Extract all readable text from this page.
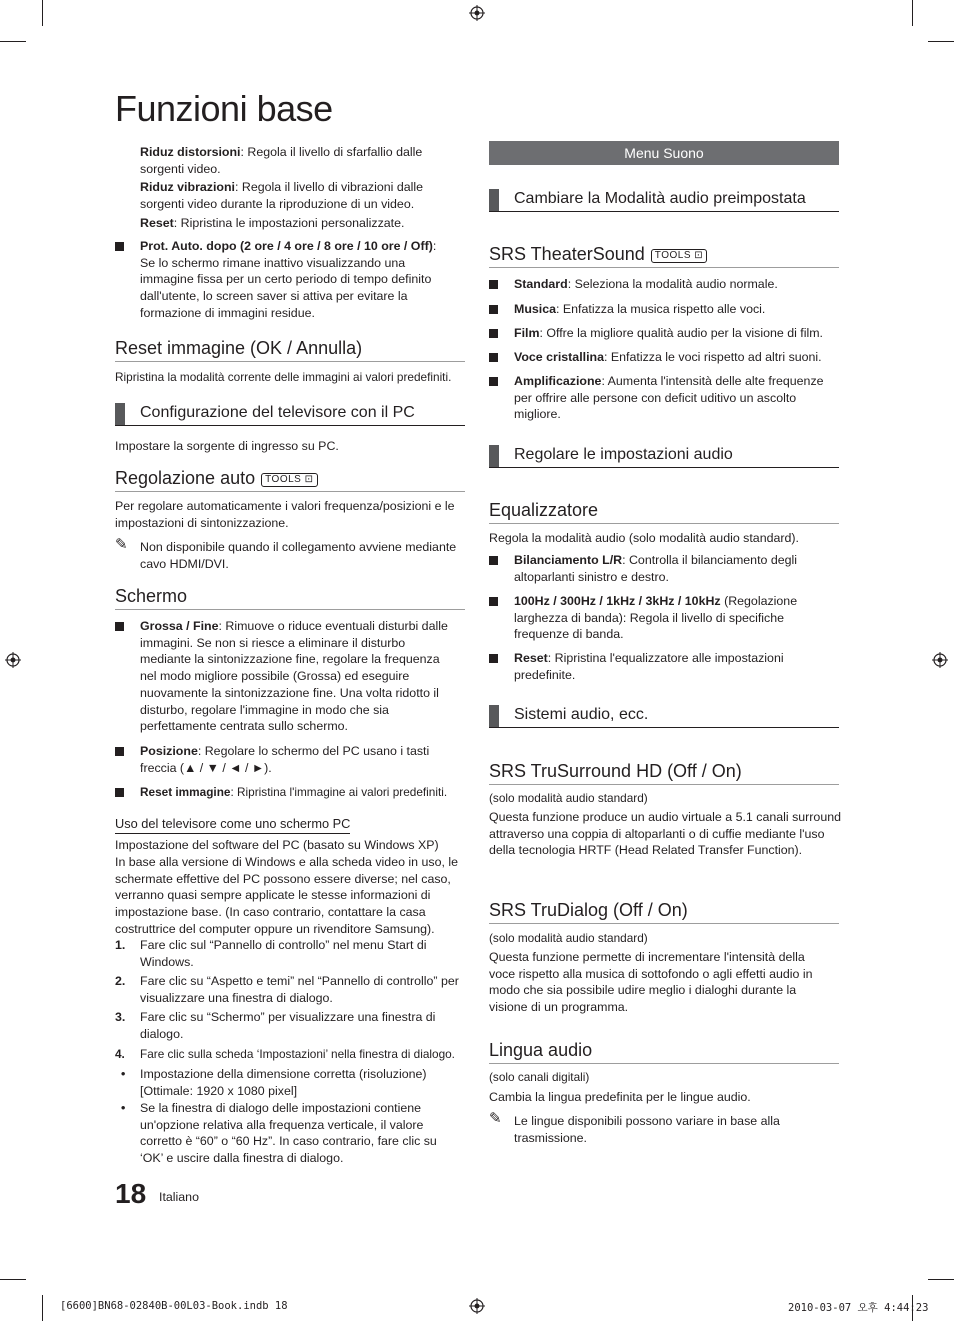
Funzioni base

Riduz distorsioni: Regola il livello di sfarfallio dalle sorgenti video.

Riduz vibrazioni: Regola il livello di vibrazioni dalle sorgenti video durante la riproduzione di un video.

Reset: Ripristina le impostazioni personalizzate.

Prot. Auto. dopo (2 ore / 4 ore / 8 ore / 10 ore / Off): Se lo schermo rimane inattivo visualizzando una immagine fissa per un certo periodo di tempo definito dall'utente, lo screen saver si attiva per evitare la formazione di immagini residue.
Reset immagine (OK / Annulla)
Ripristina la modalità corrente delle immagini ai valori predefiniti.
Configurazione del televisore con il PC
Impostare la sorgente di ingresso su PC.
Regolazione auto TOOLS ⊡
Per regolare automaticamente i valori frequenza/posizioni e le impostazioni di sintonizzazione.
✎ Non disponibile quando il collegamento avviene mediante cavo HDMI/DVI.
Schermo
Grossa / Fine: Rimuove o riduce eventuali disturbi dalle immagini. Se non si riesce a eliminare il disturbo mediante la sintonizzazione fine, regolare la frequenza nel modo migliore possibile (Grossa) ed eseguire nuovamente la sintonizzazione fine. Una volta ridotto il disturbo, regolare l'immagine in modo che sia perfettamente centrata sullo schermo.
Posizione: Regolare lo schermo del PC usano i tasti freccia (▲ / ▼ / ◄ / ►).
Reset immagine: Ripristina l'immagine ai valori predefiniti.
Uso del televisore come uno schermo PC
Impostazione del software del PC (basato su Windows XP)
In base alla versione di Windows e alla scheda video in uso, le schermate effettive del PC possono essere diverse; nel caso, verranno quasi sempre applicate le stesse informazioni di impostazione base. (In caso contrario, contattare la casa costruttrice del computer oppure un rivenditore Samsung).
1. Fare clic sul “Pannello di controllo” nel menu Start di Windows.
2. Fare clic su “Aspetto e temi” nel “Pannello di controllo” per visualizzare una finestra di dialogo.
3. Fare clic su “Schermo” per visualizzare una finestra di dialogo.
4. Fare clic sulla scheda ‘Impostazioni’ nella finestra di dialogo.
• Impostazione della dimensione corretta (risoluzione) [Ottimale: 1920 x 1080 pixel]
• Se la finestra di dialogo delle impostazioni contiene un'opzione relativa alla frequenza verticale, il valore corretto è “60” o “60 Hz”. In caso contrario, fare clic su ‘OK’ e uscire dalla finestra di dialogo.
Menu Suono
Cambiare la Modalità audio preimpostata
SRS TheaterSound TOOLS ⊡
Standard: Seleziona la modalità audio normale.
Musica: Enfatizza la musica rispetto alle voci.
Film: Offre la migliore qualità audio per la visione di film.
Voce cristallina: Enfatizza le voci rispetto ad altri suoni.
Amplificazione: Aumenta l'intensità delle alte frequenze per offrire alle persone con deficit uditivo un ascolto migliore.
Regolare le impostazioni audio
Equalizzatore
Regola la modalità audio (solo modalità audio standard).
Bilanciamento L/R: Controlla il bilanciamento degli altoparlanti sinistro e destro.
100Hz / 300Hz / 1kHz / 3kHz / 10kHz (Regolazione larghezza di banda): Regola il livello di specifiche frequenze di banda.
Reset: Ripristina l'equalizzatore alle impostazioni predefinite.
Sistemi audio, ecc.
SRS TruSurround HD (Off / On)
(solo modalità audio standard)
Questa funzione produce un audio virtuale a 5.1 canali surround attraverso una coppia di altoparlanti o di cuffie mediante l'uso della tecnologia HRTF (Head Related Transfer Function).
SRS TruDialog (Off / On)
(solo modalità audio standard)
Questa funzione permette di incrementare l'intensità della voce rispetto alla musica di sottofondo o agli effetti audio in modo che sia possibile udire meglio i dialoghi durante la visione di un programma.
Lingua audio
(solo canali digitali)
Cambia la lingua predefinita per le lingue audio.
✎ Le lingue disponibili possono variare in base alla trasmissione.
18 Italiano
[6600]BN68-02840B-00L03-Book.indb 18	2010-03-07 오후 4:44:23
